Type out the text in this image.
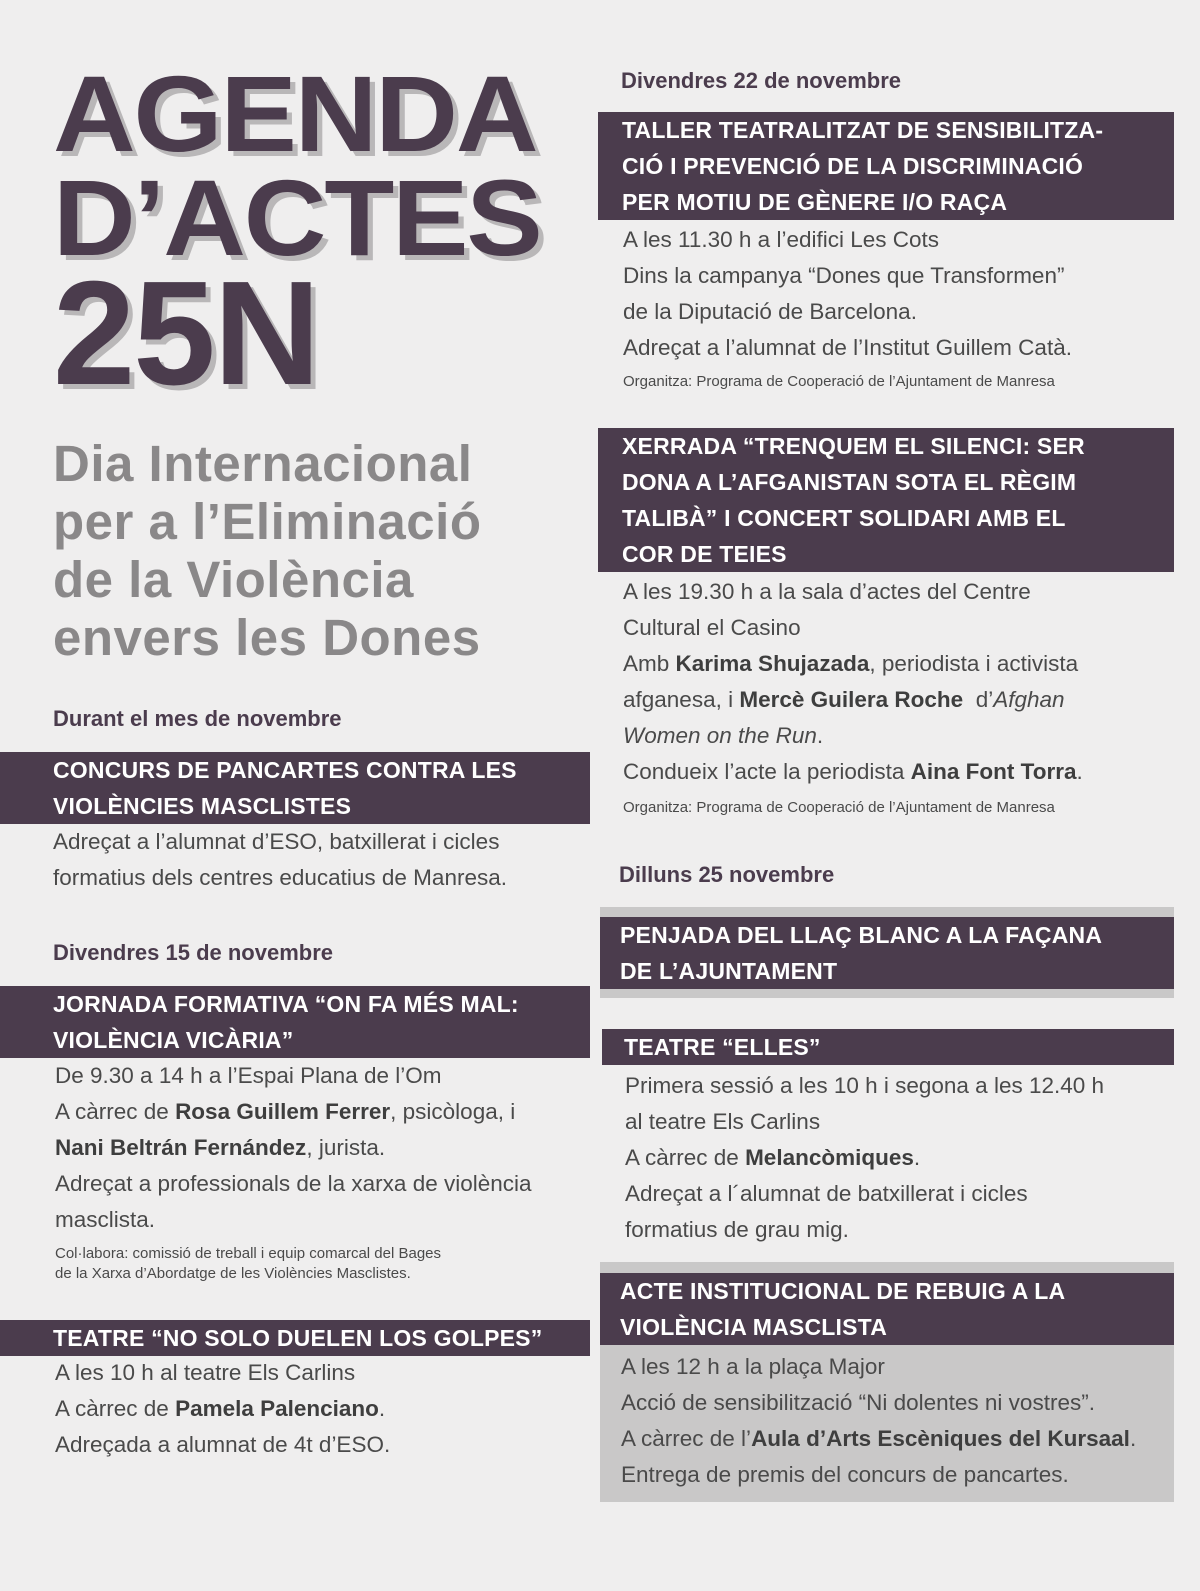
AGENDA
D’ACTES
25N
Dia Internacional
per a l’Eliminació
de la Violència
envers les Dones
Durant el mes de novembre
CONCURS DE PANCARTES CONTRA LES
VIOLÈNCIES MASCLISTES
Adreçat a l’alumnat d’ESO, batxillerat i cicles
formatius dels centres educatius de Manresa.
Divendres 15 de novembre
JORNADA FORMATIVA “ON FA MÉS MAL:
VIOLÈNCIA VICÀRIA”
De 9.30 a 14 h a l’Espai Plana de l’Om
A càrrec de Rosa Guillem Ferrer, psicòloga, i
Nani Beltrán Fernández, jurista.
Adreçat a professionals de la xarxa de violència
masclista.
Col·labora: comissió de treball i equip comarcal del Bages
de la Xarxa d’Abordatge de les Violències Masclistes.
TEATRE “NO SOLO DUELEN LOS GOLPES”
A les 10 h al teatre Els Carlins
A càrrec de Pamela Palenciano.
Adreçada a alumnat de 4t d’ESO.
Divendres 22 de novembre
TALLER TEATRALITZAT DE SENSIBILITZA-
CIÓ I PREVENCIÓ DE LA DISCRIMINACIÓ
PER MOTIU DE GÈNERE I/O RAÇA
A les 11.30 h a l’edifici Les Cots
Dins la campanya “Dones que Transformen”
de la Diputació de Barcelona.
Adreçat a l’alumnat de l’Institut Guillem Catà.
Organitza: Programa de Cooperació de l’Ajuntament de Manresa
XERRADA “TRENQUEM EL SILENCI: SER
DONA A L’AFGANISTAN SOTA EL RÈGIM
TALIBÀ” I CONCERT SOLIDARI AMB EL
COR DE TEIES
A les 19.30 h a la sala d’actes del Centre
Cultural el Casino
Amb Karima Shujazada, periodista i activista
afganesa, i Mercè Guilera Roche  d’Afghan
Women on the Run.
Condueix l’acte la periodista Aina Font Torra.
Organitza: Programa de Cooperació de l’Ajuntament de Manresa
Dilluns 25 novembre
PENJADA DEL LLAÇ BLANC A LA FAÇANA
DE L’AJUNTAMENT
TEATRE “ELLES”
Primera sessió a les 10 h i segona a les 12.40 h
al teatre Els Carlins
A càrrec de Melancòmiques.
Adreçat a l´alumnat de batxillerat i cicles
formatius de grau mig.
ACTE INSTITUCIONAL DE REBUIG A LA
VIOLÈNCIA MASCLISTA
A les 12 h a la plaça Major
Acció de sensibilització “Ni dolentes ni vostres”.
A càrrec de l’Aula d’Arts Escèniques del Kursaal.
Entrega de premis del concurs de pancartes.
